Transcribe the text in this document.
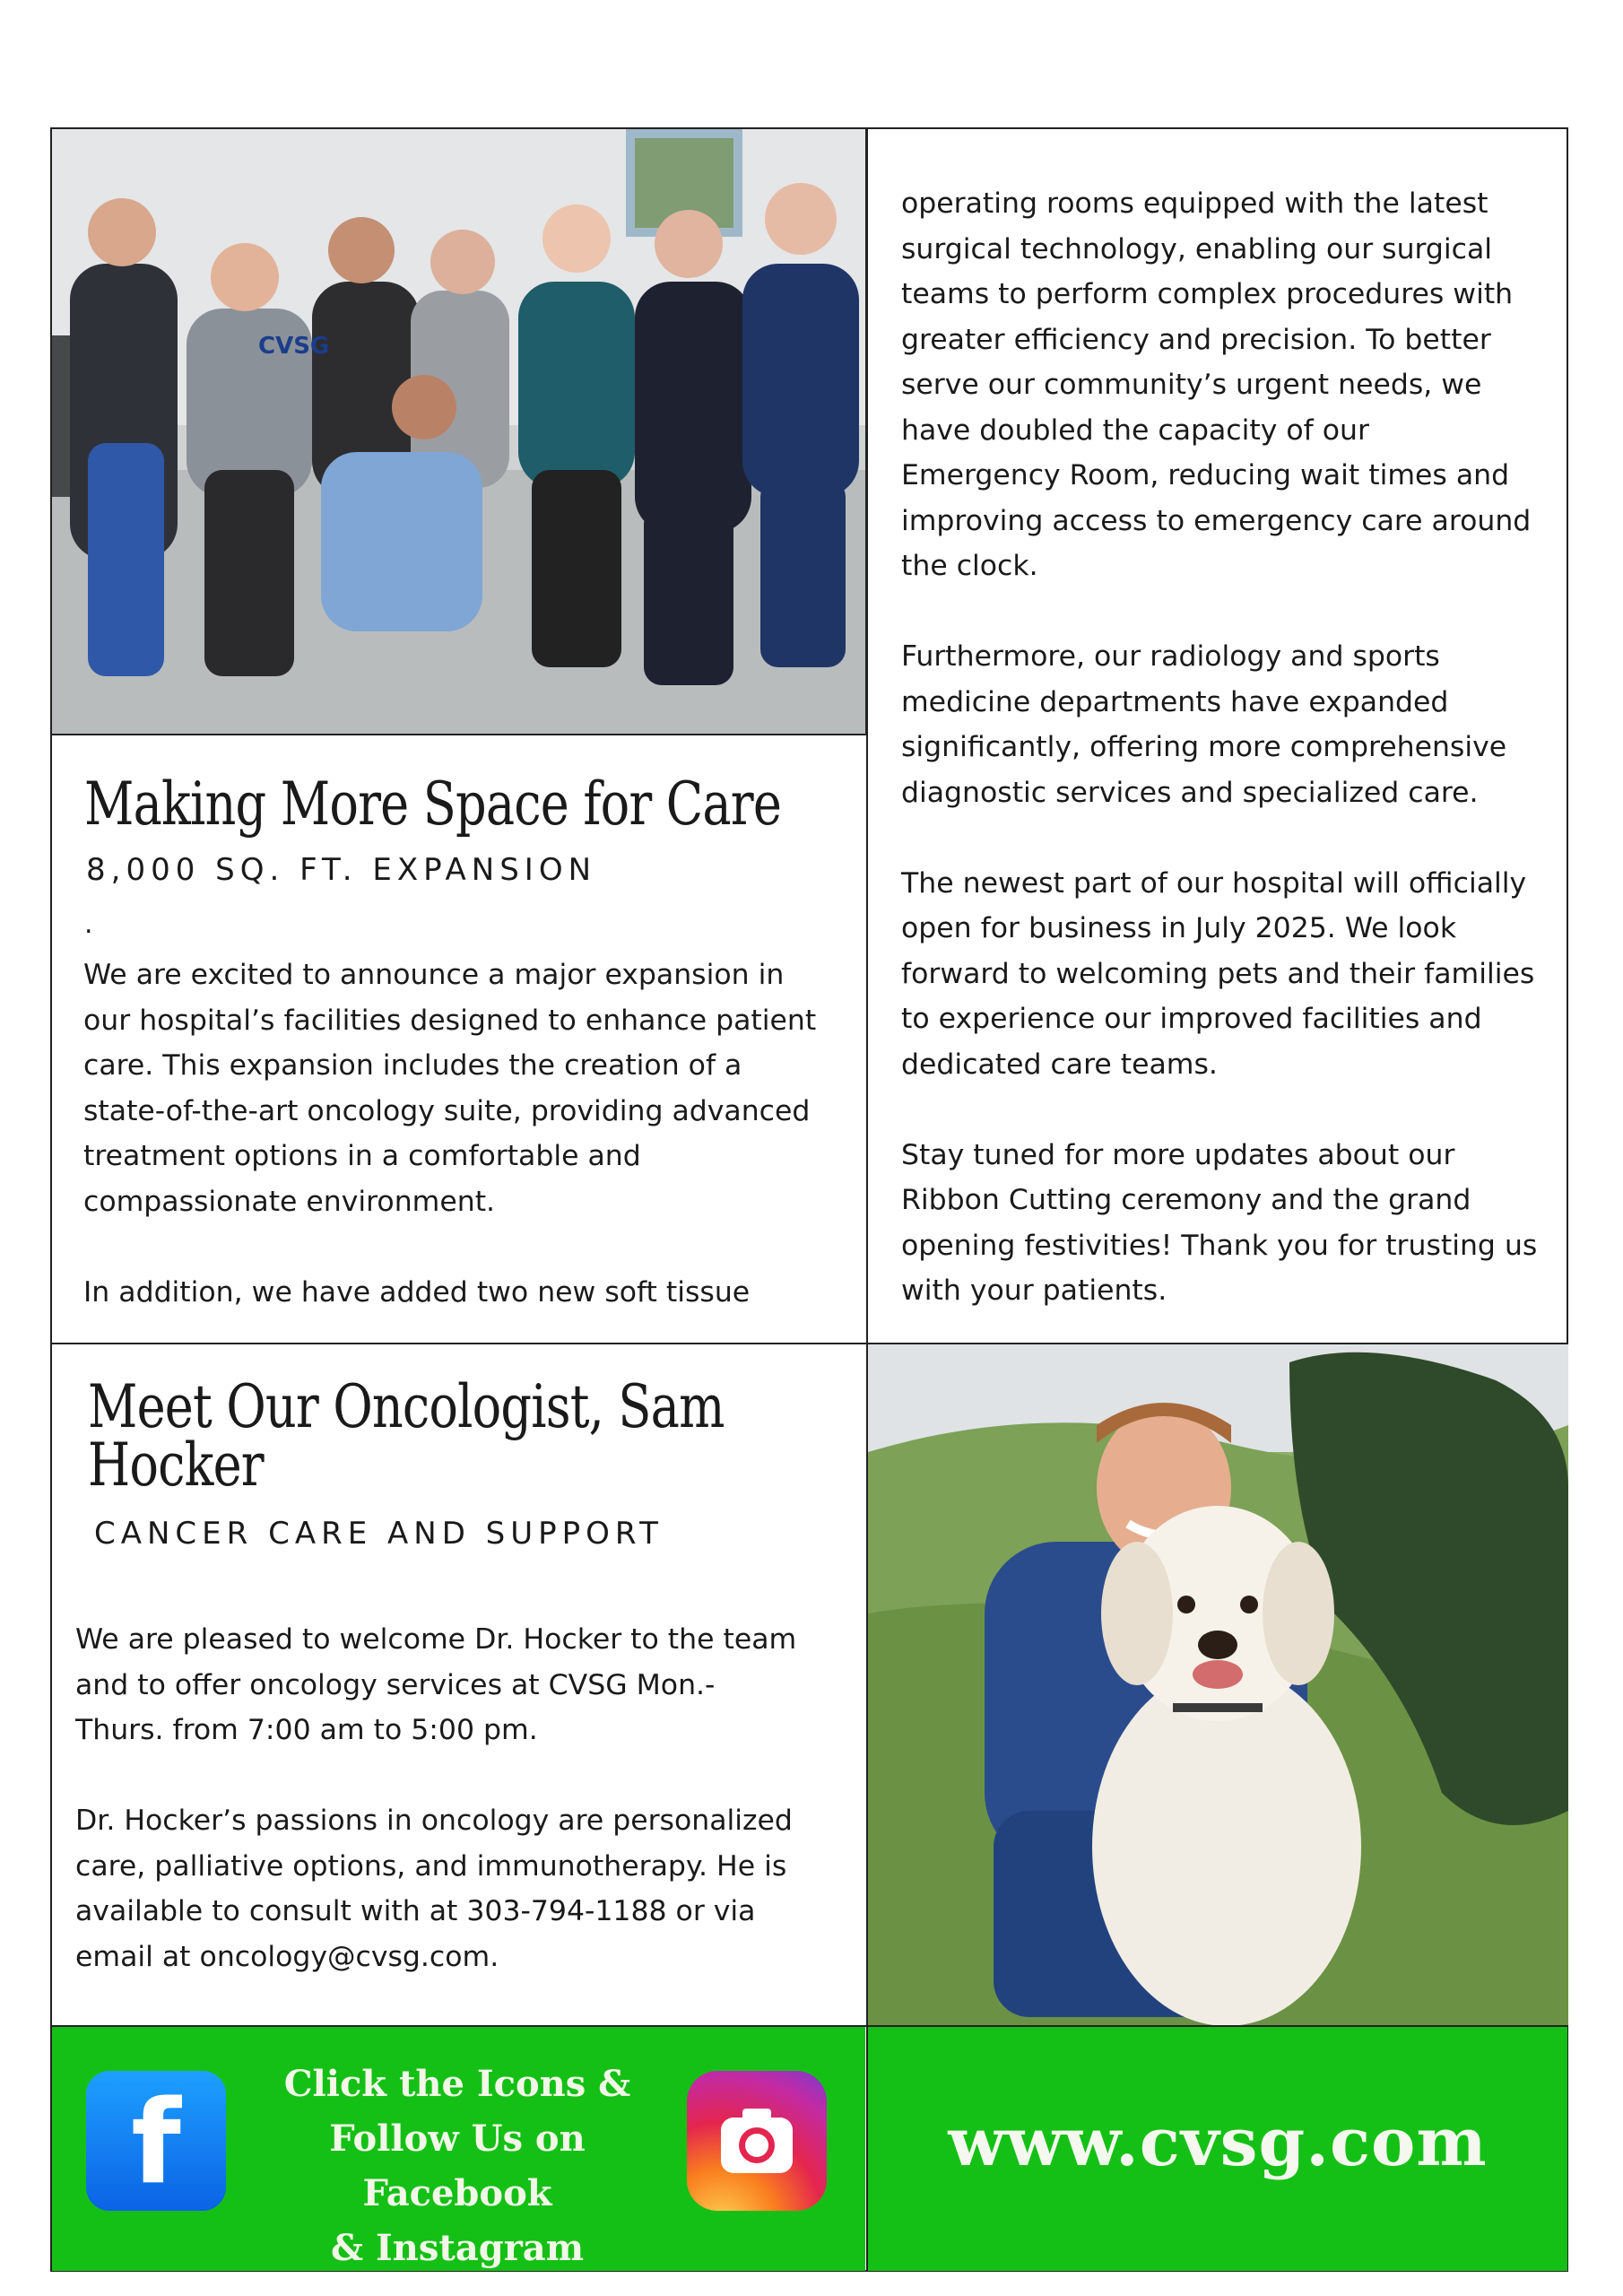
CVSG
Making More Space for Care
8,000 SQ. FT. EXPANSION
.
We are excited to announce a major expansion in
our hospital’s facilities designed to enhance patient
care. This expansion includes the creation of a
state-of-the-art oncology suite, providing advanced
treatment options in a comfortable and
compassionate environment.

In addition, we have added two new soft tissue
operating rooms equipped with the latest
surgical technology, enabling our surgical
teams to perform complex procedures with
greater efficiency and precision. To better
serve our community’s urgent needs, we
have doubled the capacity of our
Emergency Room, reducing wait times and
improving access to emergency care around
the clock.

Furthermore, our radiology and sports
medicine departments have expanded
significantly, offering more comprehensive
diagnostic services and specialized care.

The newest part of our hospital will officially
open for business in July 2025. We look
forward to welcoming pets and their families
to experience our improved facilities and
dedicated care teams.

Stay tuned for more updates about our
Ribbon Cutting ceremony and the grand
opening festivities! Thank you for trusting us
with your patients.
Meet Our Oncologist, Sam
Hocker
CANCER CARE AND SUPPORT
We are pleased to welcome Dr. Hocker to the team
and to offer oncology services at CVSG Mon.-
Thurs. from 7:00 am to 5:00 pm.

Dr. Hocker’s passions in oncology are personalized
care, palliative options, and immunotherapy. He is
available to consult with at 303-794-1188 or via
email at oncology@cvsg.com.
f	Click the Icons &
Follow Us on Facebook
& Instagram
www.cvsg.com
